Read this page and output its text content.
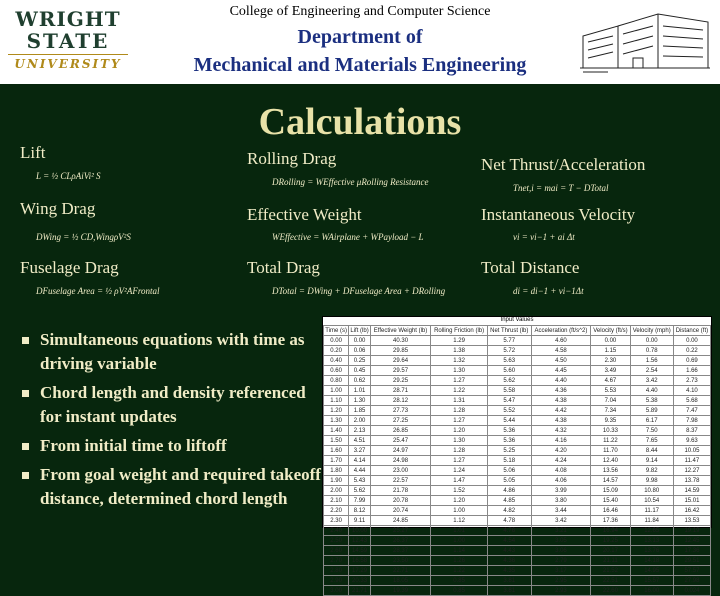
WRIGHT
STATE
UNIVERSITY
College of Engineering and Computer Science
Department of
Mechanical and Materials Engineering
Calculations
Lift	Rolling Drag	Net Thrust/Acceleration
L = ½ CLρAiVi² S
DRolling = WEffective μRolling Resistance
Tnet,i = mai = T − DTotal
Wing Drag	Effective Weight	Instantaneous Velocity
DWing = ½ CD,WingρV²S	WEffective = WAirplane + WPayload − L	vi = vi−1 + ai Δt
Fuselage Drag	Total Drag	Total Distance
DFuselage Area = ½ ρV²AFrontal	DTotal = DWing + DFuselage Area + DRolling	di = di−1 + vi−1Δt
Simultaneous equations with time as driving variable
Chord length and density referenced for instant updates
From initial time to liftoff
From goal weight and required takeoff distance, determined chord length
Input Values
Time (s)	Lift (lb)	Effective Weight (lb)	Rolling Friction (lb)	Net Thrust (lb)	Acceleration (ft/s^2)	Velocity (ft/s)	Velocity (mph)	Distance (ft)
0.00	0.00	40.30	1.29	5.77	4.60	0.00	0.00	0.00
0.20	0.06	29.85	1.38	5.72	4.58	1.15	0.78	0.22
0.40	0.25	29.64	1.32	5.63	4.50	2.30	1.56	0.69
0.60	0.45	29.57	1.30	5.60	4.45	3.49	2.54	1.66
0.80	0.62	29.25	1.27	5.62	4.40	4.67	3.42	2.73
1.00	1.01	28.71	1.22	5.58	4.36	5.53	4.40	4.10
1.10	1.30	28.12	1.31	5.47	4.38	7.04	5.38	5.68
1.20	1.85	27.73	1.28	5.52	4.42	7.34	5.89	7.47
1.30	2.00	27.25	1.27	5.44	4.38	9.35	6.17	7.98
1.40	2.13	26.85	1.20	5.36	4.32	10.33	7.50	8.37
1.50	4.51	25.47	1.30	5.36	4.16	11.22	7.65	9.63
1.60	3.27	24.97	1.28	5.25	4.20	11.70	8.44	10.05
1.70	4.14	24.98	1.27	5.18	4.24	12.40	9.14	11.47
1.80	4.44	23.00	1.24	5.06	4.08	13.56	9.82	12.27
1.90	5.43	22.57	1.47	5.05	4.06	14.57	9.98	13.78
2.00	5.62	21.78	1.52	4.86	3.99	15.09	10.80	14.59
2.10	7.99	20.78	1.20	4.85	3.80	15.40	10.54	15.01
2.20	8.12	20.74	1.00	4.82	3.44	16.46	11.17	16.42
2.30	9.11	24.85	1.12	4.78	3.42	17.36	11.84	13.53
2.40	10.00	25.27	1.01	4.76	3.21	16.94	12.65	19.19
2.50	12.43	26.37	1.00	4.54	3.05	19.25	13.13	12.45
2.60	14.59	28.37	1.14	4.43	3.06	20.17	13.76	17.36
2.70	16.58	23.50	1.26	4.36	2.79	21.11	14.18	29.51
2.80	17.29	22.71	1.22	4.35	3.17	21.52	14.95	57.57
2.90	20.33	18.05	0.85	3.81	2.95	22.51	15.57	27.98
3.00	21.71	19.39	0.85	3.81	2.93	22.60	16.00	0.024
